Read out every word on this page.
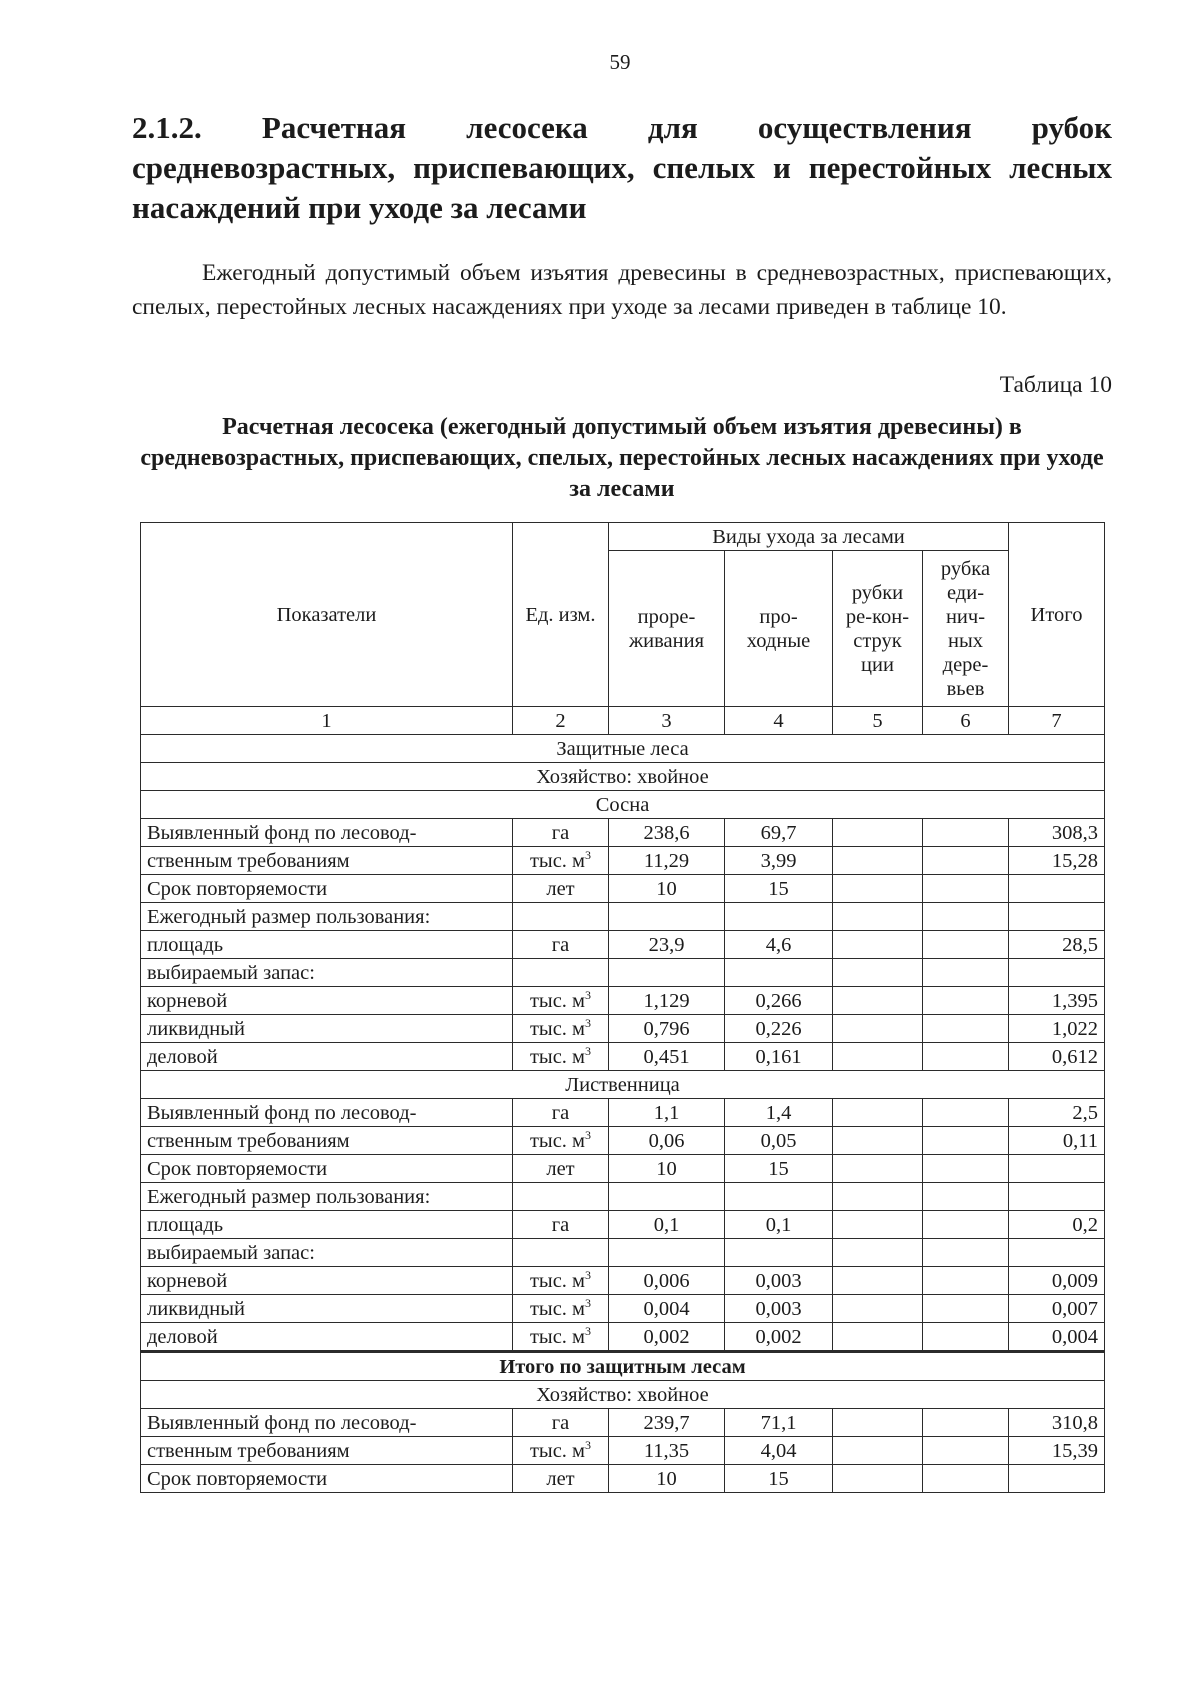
59
2.1.2. Расчетная лесосека для осуществления рубок средневозрастных, приспевающих, спелых и перестойных лесных насаждений при уходе за лесами

Ежегодный допустимый объем изъятия древесины в средневозрастных, приспевающих, спелых, перестойных лесных насаждениях при уходе за лесами приведен в таблице 10.

Таблица 10
Расчетная лесосека (ежегодный допустимый объем изъятия древесины) в средневозрастных, приспевающих, спелых, перестойных лесных насаждениях при уходе за лесами
Показатели	Ед. изм.	Виды ухода за лесами				Итого
		проре-живания	про-ходные	рубки ре-кон-струк ции	рубка еди-нич-ных дере-вьев	
1	2	3	4	5	6	7
Защитные леса						
Хозяйство: хвойное						
Сосна						
Выявленный фонд по лесовод-	га	238,6	69,7			308,3
ственным требованиям	тыс. $м^3$	11,29	3,99			15,28
Срок повторяемости	лет	10	15			
Ежегодный размер пользования:						
площадь	га	23,9	4,6			28,5
выбираемый запас:						
корневой	тыс. $м^3$	1,129	0,266			1,395
ликвидный	тыс. $м^3$	0,796	0,226			1,022
деловой	тыс. $м^3$	0,451	0,161			0,612
Лиственница						
Выявленный фонд по лесовод-	га	1,1	1,4			2,5
ственным требованиям	тыс. $м^3$	0,06	0,05			0,11
Срок повторяемости	лет	10	15			
Ежегодный размер пользования:						
площадь	га	0,1	0,1			0,2
выбираемый запас:						
корневой	тыс. $м^3$	0,006	0,003			0,009
ликвидный	тыс. $м^3$	0,004	0,003			0,007
деловой	тыс. $м^3$	0,002	0,002			0,004
Итого по защитным лесам						
Хозяйство: хвойное						
Выявленный фонд по лесовод-	га	239,7	71,1			310,8
ственным требованиям	тыс. $м^3$	11,35	4,04			15,39
Срок повторяемости	лет	10	15			
